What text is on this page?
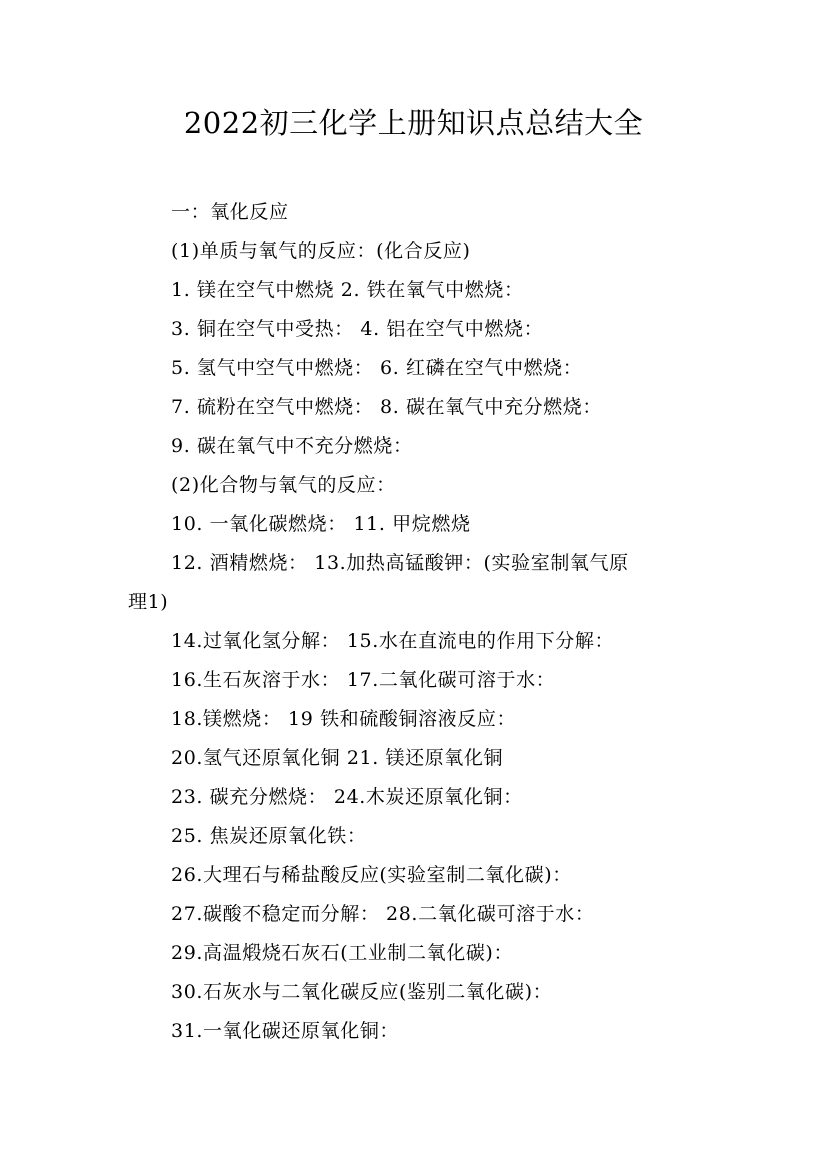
2022初三化学上册知识点总结大全
一：氧化反应
(1)单质与氧气的反应：(化合反应)
1. 镁在空气中燃烧 2. 铁在氧气中燃烧：
3. 铜在空气中受热： 4. 铝在空气中燃烧：
5. 氢气中空气中燃烧： 6. 红磷在空气中燃烧：
7. 硫粉在空气中燃烧： 8. 碳在氧气中充分燃烧：
9. 碳在氧气中不充分燃烧：
(2)化合物与氧气的反应：
10. 一氧化碳燃烧： 11. 甲烷燃烧
12. 酒精燃烧： 13.加热高锰酸钾：(实验室制氧气原
理1)
14.过氧化氢分解： 15.水在直流电的作用下分解：
16.生石灰溶于水： 17.二氧化碳可溶于水：
18.镁燃烧： 19 铁和硫酸铜溶液反应：
20.氢气还原氧化铜 21. 镁还原氧化铜
23. 碳充分燃烧： 24.木炭还原氧化铜：
25. 焦炭还原氧化铁：
26.大理石与稀盐酸反应(实验室制二氧化碳)：
27.碳酸不稳定而分解： 28.二氧化碳可溶于水：
29.高温煅烧石灰石(工业制二氧化碳)：
30.石灰水与二氧化碳反应(鉴别二氧化碳)：
31.一氧化碳还原氧化铜：
